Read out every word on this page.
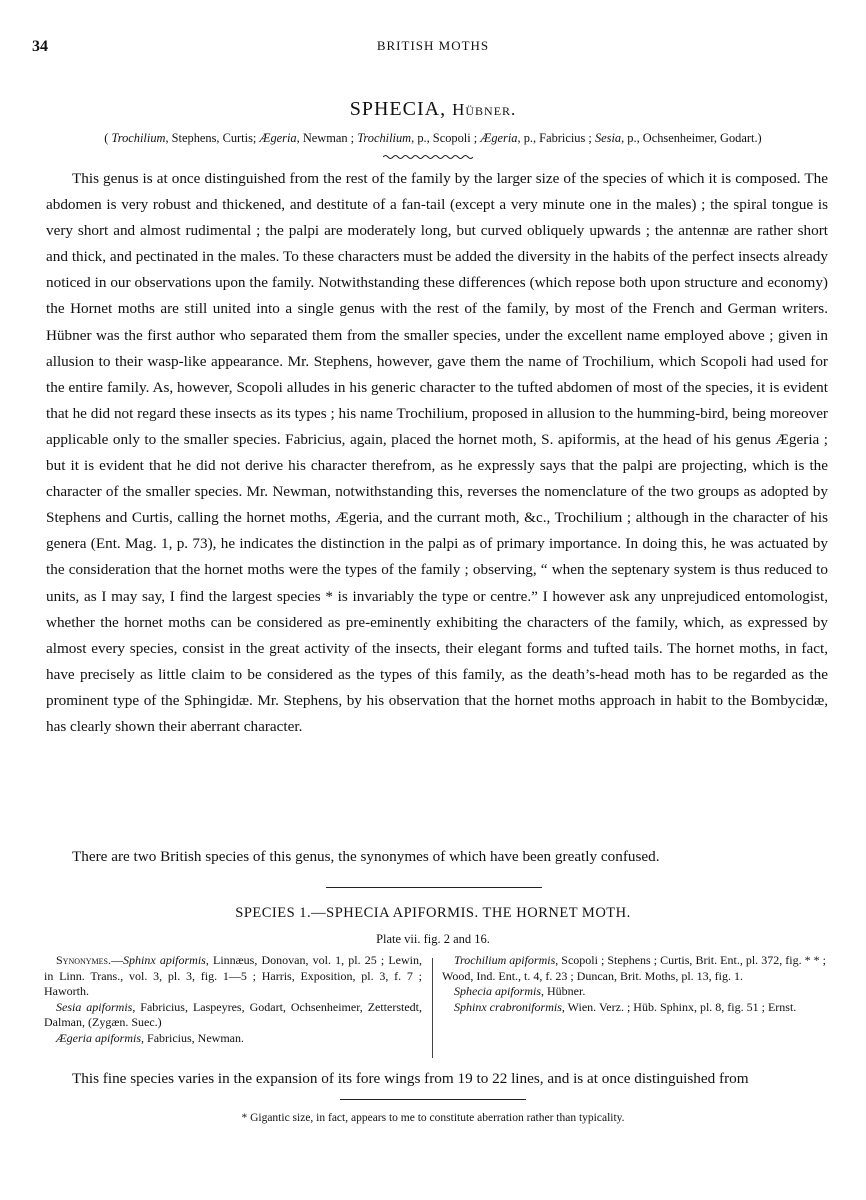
34	BRITISH MOTHS
SPHECIA, Hübner.
( Trochilium, Stephens, Curtis; Ægeria, Newman ; Trochilium, p., Scopoli ; Ægeria, p., Fabricius ; Sesia, p., Ochsenheimer, Godart.)

This genus is at once distinguished from the rest of the family by the larger size of the species of which it is composed. The abdomen is very robust and thickened, and destitute of a fan-tail (except a very minute one in the males) ; the spiral tongue is very short and almost rudimental ; the palpi are moderately long, but curved obliquely upwards ; the antennæ are rather short and thick, and pectinated in the males. To these characters must be added the diversity in the habits of the perfect insects already noticed in our observations upon the family. Notwithstanding these differences (which repose both upon structure and economy) the Hornet moths are still united into a single genus with the rest of the family, by most of the French and German writers. Hübner was the first author who separated them from the smaller species, under the excellent name employed above ; given in allusion to their wasp-like appearance. Mr. Stephens, however, gave them the name of Trochilium, which Scopoli had used for the entire family. As, however, Scopoli alludes in his generic character to the tufted abdomen of most of the species, it is evident that he did not regard these insects as its types ; his name Trochilium, proposed in allusion to the humming-bird, being moreover applicable only to the smaller species. Fabricius, again, placed the hornet moth, S. apiformis, at the head of his genus Ægeria ; but it is evident that he did not derive his character therefrom, as he expressly says that the palpi are projecting, which is the character of the smaller species. Mr. Newman, notwithstanding this, reverses the nomenclature of the two groups as adopted by Stephens and Curtis, calling the hornet moths, Ægeria, and the currant moth, &c., Trochilium ; although in the character of his genera (Ent. Mag. 1, p. 73), he indicates the distinction in the palpi as of primary importance. In doing this, he was actuated by the consideration that the hornet moths were the types of the family ; observing, “ when the septenary system is thus reduced to units, as I may say, I find the largest species * is invariably the type or centre.” I however ask any unprejudiced entomologist, whether the hornet moths can be considered as pre-eminently exhibiting the characters of the family, which, as expressed by almost every species, consist in the great activity of the insects, their elegant forms and tufted tails. The hornet moths, in fact, have precisely as little claim to be considered as the types of this family, as the death’s-head moth has to be regarded as the prominent type of the Sphingidæ. Mr. Stephens, by his observation that the hornet moths approach in habit to the Bombycidæ, has clearly shown their aberrant character.

There are two British species of this genus, the synonymes of which have been greatly confused.

SPECIES 1.—SPHECIA APIFORMIS. THE HORNET MOTH.
Plate vii. fig. 2 and 16.

Synonymes.—Sphinx apiformis, Linnæus, Donovan, vol. 1, pl. 25 ; Lewin, in Linn. Trans., vol. 3, pl. 3, fig. 1—5 ; Harris, Exposition, pl. 3, f. 7 ; Haworth.
Sesia apiformis, Fabricius, Laspeyres, Godart, Ochsenheimer, Zetterstedt, Dalman, (Zygæn. Suec.)
Ægeria apiformis, Fabricius, Newman.

Trochilium apiformis, Scopoli ; Stephens ; Curtis, Brit. Ent., pl. 372, fig. * * ; Wood, Ind. Ent., t. 4, f. 23 ; Duncan, Brit. Moths, pl. 13, fig. 1.
Sphecia apiformis, Hübner.
Sphinx crabroniformis, Wien. Verz. ; Hüb. Sphinx, pl. 8, fig. 51 ; Ernst.

This fine species varies in the expansion of its fore wings from 19 to 22 lines, and is at once distinguished from

* Gigantic size, in fact, appears to me to constitute aberration rather than typicality.
